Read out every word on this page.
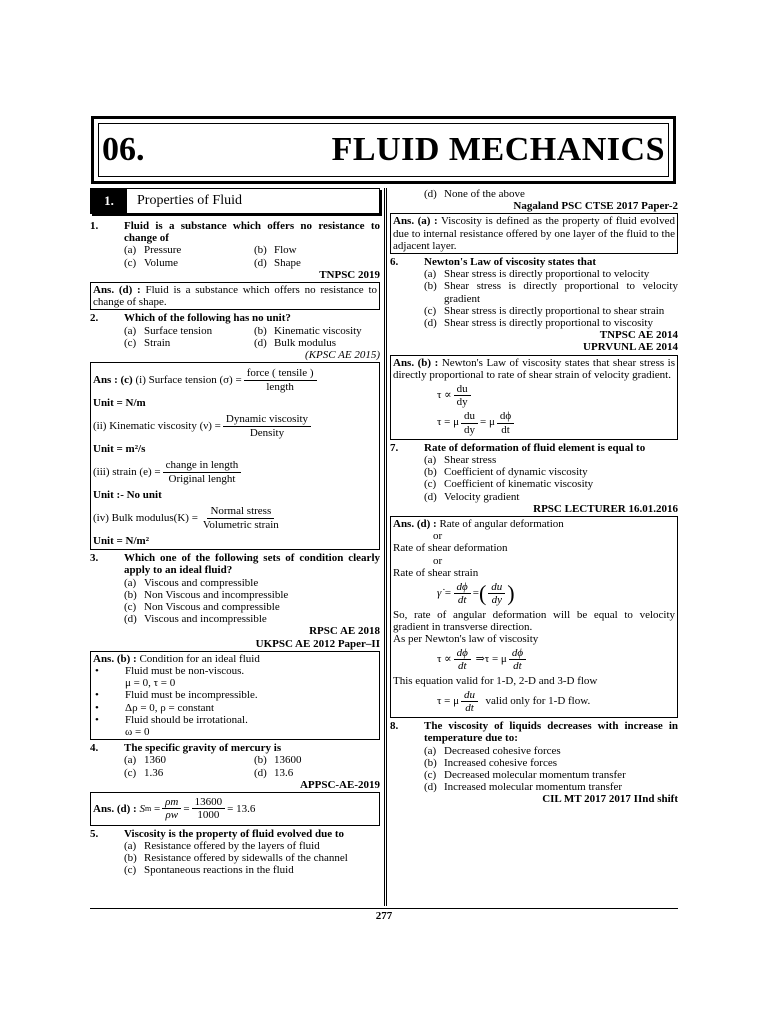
06.	FLUID MECHANICS
1.	Properties of Fluid
1.	Fluid is a substance which offers no resistance to change of
(a) Pressure	(b) Flow
(c) Volume	(d) Shape
TNPSC 2019
Ans. (d) : Fluid is a substance which offers no resistance to change of shape.
2.	Which of the following has no unit?
(a) Surface tension	(b) Kinematic viscosity
(c) Strain	(d) Bulk modulus
(KPSC AE 2015)
Ans : (c) (i) Surface tension $(\sigma) = \frac{\text{force ( tensile )}}{\text{length}}$
Unit = N/m
(ii) Kinematic viscosity $(\nu) = \frac{\text{Dynamic viscosity}}{\text{Density}}$
Unit = m²/s
(iii) strain $(e) = \frac{\text{change in length}}{\text{Original lenght}}$
Unit :- No unit
(iv) Bulk modulus(K) = $\frac{\text{Normal stress}}{\text{Volumetric strain}}$
Unit = N/m²
3.	Which one of the following sets of condition clearly apply to an ideal fluid?
(a) Viscous and compressible
(b) Non Viscous and incompressible
(c) Non Viscous and compressible
(d) Viscous and incompressible
RPSC AE 2018
UKPSC AE 2012 Paper–II
Ans. (b) : Condition for an ideal fluid
•	Fluid must be non-viscous.
μ = 0, τ = 0
•	Fluid must be incompressible.
•	Δρ = 0, ρ = constant
•	Fluid should be irrotational.
ω = 0
4.	The specific gravity of mercury is
(a) 1360	(b) 13600
(c) 1.36	(d) 13.6
APPSC-AE-2019
Ans. (d) :
S $m = \frac{\rho m}{\rho w} = \frac{13600}{1000} = 13.6$
5.	Viscosity is the property of fluid evolved due to
(a) Resistance offered by the layers of fluid
(b) Resistance offered by sidewalls of the channel
(c) Spontaneous reactions in the fluid
(d) None of the above
Nagaland PSC CTSE 2017 Paper-2
Ans. (a) : Viscosity is defined as the property of fluid evolved due to internal resistance offered by one layer of the fluid to the adjacent layer.
6.	Newton's Law of viscosity states that
(a) Shear stress is directly proportional to velocity
(b) Shear stress is directly proportional to velocity gradient
(c) Shear stress is directly proportional to shear strain
(d) Shear stress is directly proportional to viscosity
TNPSC AE 2014
UPRVUNL AE 2014
Ans. (b) : Newton's Law of viscosity states that shear stress is directly proportional to rate of shear strain of velocity gradient.
$\tau \propto \frac{du}{dy}$
τ = μ $\frac{du}{dy} = \mu \frac{d\phi}{dt}$
7.	Rate of deformation of fluid element is equal to
(a) Shear stress
(b) Coefficient of dynamic viscosity
(c) Coefficient of kinematic viscosity
(d) Velocity gradient
RPSC LECTURER 16.01.2016
Ans. (d) : Rate of angular deformation
or
Rate of shear deformation
or
Rate of shear strain
γ̇ = $\frac{d\phi}{dt}$ =( $\frac{du}{dy}$ )
So, rate of angular deformation will be equal to velocity gradient in transverse direction.
As per Newton's law of viscosity
$\tau \propto \frac{d\phi}{dt}$ ⇒τ = μ $\frac{d\phi}{dt}$
This equation valid for 1-D, 2-D and 3-D flow
τ = μ $\frac{du}{dt}$ valid only for 1-D flow.
8.	The viscosity of liquids decreases with increase in temperature due to:
(a) Decreased cohesive forces
(b) Increased cohesive forces
(c) Decreased molecular momentum transfer
(d) Increased molecular momentum transfer
CIL MT 2017 2017 IInd shift
277
